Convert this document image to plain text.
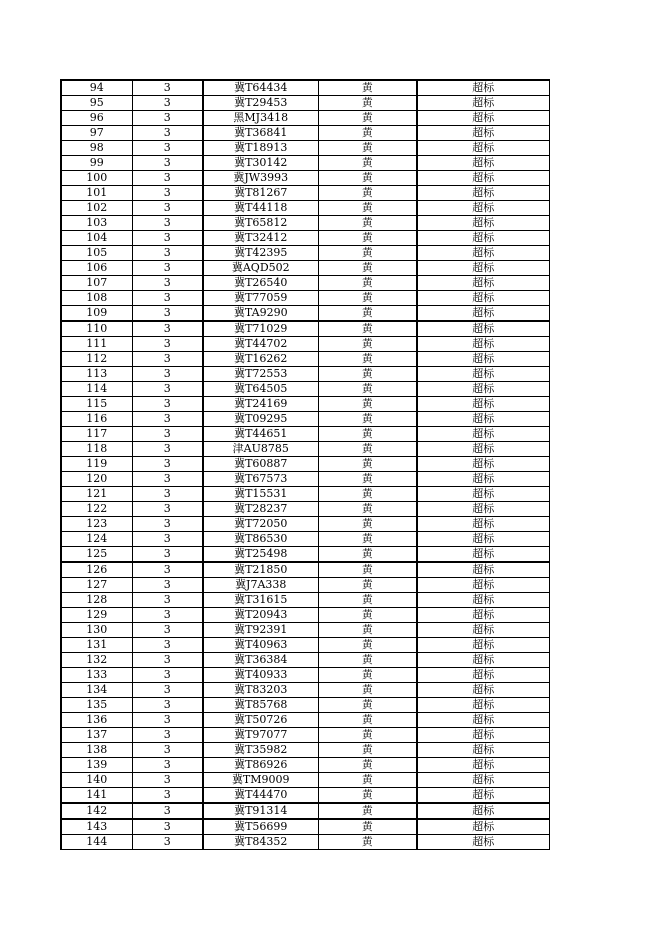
94	3	冀T64434	黄	超标
95	3	冀T29453	黄	超标
96	3	黑MJ3418	黄	超标
97	3	冀T36841	黄	超标
98	3	冀T18913	黄	超标
99	3	冀T30142	黄	超标
100	3	冀JW3993	黄	超标
101	3	冀T81267	黄	超标
102	3	冀T44118	黄	超标
103	3	冀T65812	黄	超标
104	3	冀T32412	黄	超标
105	3	冀T42395	黄	超标
106	3	冀AQD502	黄	超标
107	3	冀T26540	黄	超标
108	3	冀T77059	黄	超标
109	3	冀TA9290	黄	超标
110	3	冀T71029	黄	超标
111	3	冀T44702	黄	超标
112	3	冀T16262	黄	超标
113	3	冀T72553	黄	超标
114	3	冀T64505	黄	超标
115	3	冀T24169	黄	超标
116	3	冀T09295	黄	超标
117	3	冀T44651	黄	超标
118	3	津AU8785	黄	超标
119	3	冀T60887	黄	超标
120	3	冀T67573	黄	超标
121	3	冀T15531	黄	超标
122	3	冀T28237	黄	超标
123	3	冀T72050	黄	超标
124	3	冀T86530	黄	超标
125	3	冀T25498	黄	超标
126	3	冀T21850	黄	超标
127	3	冀J7A338	黄	超标
128	3	冀T31615	黄	超标
129	3	冀T20943	黄	超标
130	3	冀T92391	黄	超标
131	3	冀T40963	黄	超标
132	3	冀T36384	黄	超标
133	3	冀T40933	黄	超标
134	3	冀T83203	黄	超标
135	3	冀T85768	黄	超标
136	3	冀T50726	黄	超标
137	3	冀T97077	黄	超标
138	3	冀T35982	黄	超标
139	3	冀T86926	黄	超标
140	3	冀TM9009	黄	超标
141	3	冀T44470	黄	超标
142	3	冀T91314	黄	超标
143	3	冀T56699	黄	超标
144	3	冀T84352	黄	超标
